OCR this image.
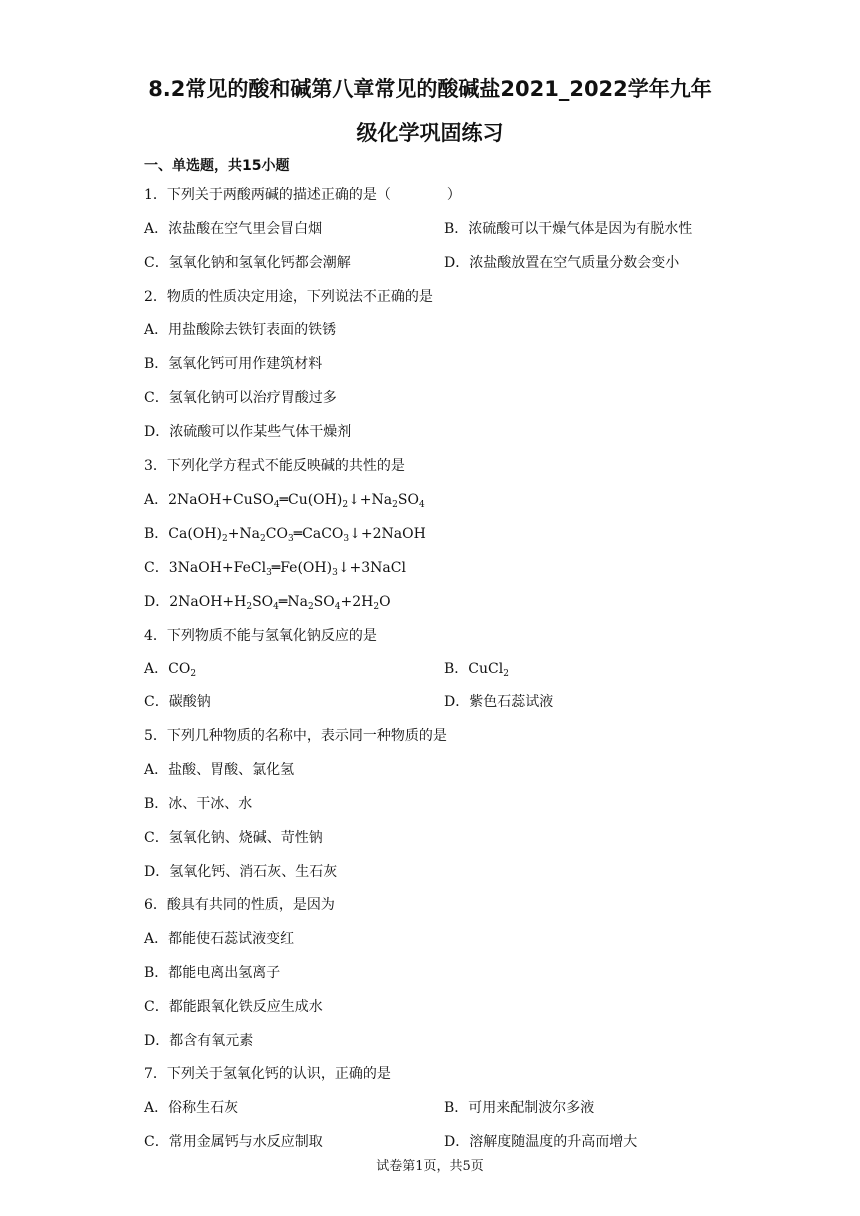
8.2常见的酸和碱第八章常见的酸碱盐2021_2022学年九年
级化学巩固练习
一、单选题，共15小题
1．下列关于两酸两碱的描述正确的是（　　　　）
A．浓盐酸在空气里会冒白烟	B．浓硫酸可以干燥气体是因为有脱水性
C．氢氧化钠和氢氧化钙都会潮解	D．浓盐酸放置在空气质量分数会变小
2．物质的性质决定用途，下列说法不正确的是
A．用盐酸除去铁钉表面的铁锈
B．氢氧化钙可用作建筑材料
C．氢氧化钠可以治疗胃酸过多
D．浓硫酸可以作某些气体干燥剂
3．下列化学方程式不能反映碱的共性的是
A．$2NaOH+CuSO_4═Cu(OH)_2↓+Na_2SO_4$
B．$Ca(OH)_2+Na_2CO_3═CaCO_3↓+2NaOH$
C．$3NaOH+FeCl_3═Fe(OH)_3↓+3NaCl$
D．$2NaOH+H_2SO_4═Na_2SO_4+2H_2O$
4．下列物质不能与氢氧化钠反应的是
A．$CO_2$	B．CuCl$_2$
C．碳酸钠	D．紫色石蕊试液
5．下列几种物质的名称中，表示同一种物质的是
A．盐酸、胃酸、氯化氢
B．冰、干冰、水
C．氢氧化钠、烧碱、苛性钠
D．氢氧化钙、消石灰、生石灰
6．酸具有共同的性质，是因为
A．都能使石蕊试液变红
B．都能电离出氢离子
C．都能跟氧化铁反应生成水
D．都含有氧元素
7．下列关于氢氧化钙的认识，正确的是
A．俗称生石灰	B．可用来配制波尔多液
C．常用金属钙与水反应制取	D．溶解度随温度的升高而增大
试卷第1页，共5页
